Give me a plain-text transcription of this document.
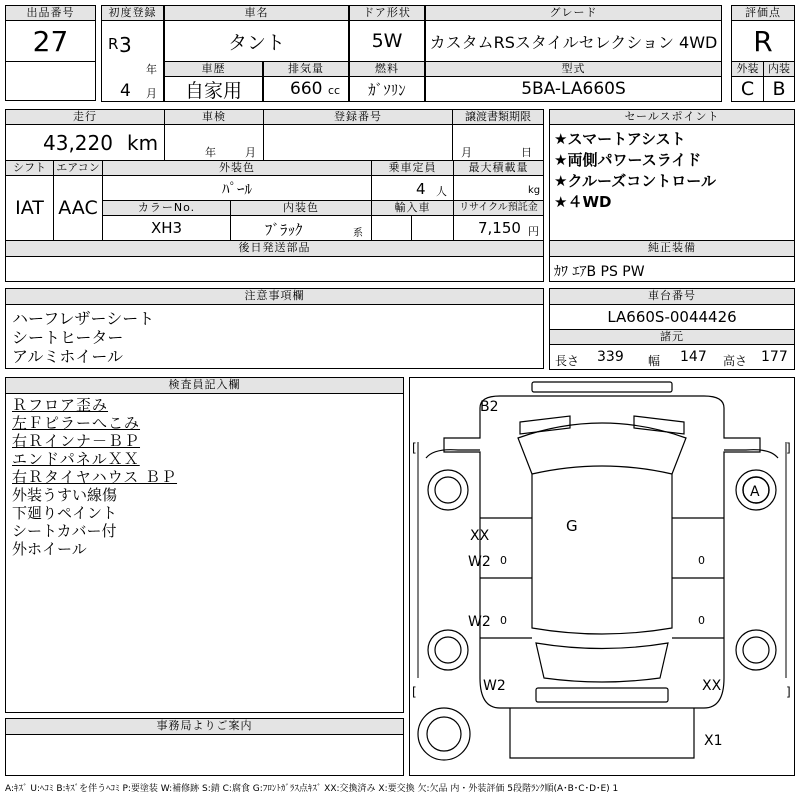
出品番号	初度登録	車名	ドア形状	グレード	評価点
27	R 3
年
4 月
タント	5W	カスタムRSスタイルセレクション 4WD	R
車歴	排気量	燃料	型式	外装 内装
自家用	660 cc	ｶﾞｿﾘﾝ	5BA-LA660S	C B
走行	車検	登録番号	譲渡書類期限	セールスポイント
43,220 km	年	月	月	日
★スマートアシスト
★両側パワースライド
★クルーズコントロール
★４WD
シフト エアコン	外装色	乗車定員	最大積載量
IAT AAC
ﾊﾟｰﾙ	4 人	kg
カラーNo.	内装色	輸入車	リサイクル預託金
XH3	ﾌﾞﾗｯｸ	系	7,150 円
後日発送部品	純正装備
ｶﾜ ｴｱB PS PW
注意事項欄
ハーフレザーシート
シートヒーター
アルミホイール
車台番号
LA660S-0044426
諸元
長さ 339 幅 147 高さ 177
検査員記入欄
Ｒフロア歪み
左Ｆピラーへこみ
右Ｒインナ－ＢＰ
エンドパネルＸＸ
右Ｒタイヤハウス ＢＰ
外装うすい線傷
下廻りペイント
シートカバー付
外ホイール
事務局よりご案内
B2
A
G
XX
W2
W2
W2	XX
X1
0	0
0	0
[	]
[	]
A:ｷｽﾞ U:ﾍｺﾐ B:ｷｽﾞを伴うﾍｺﾐ P:要塗装 W:補修跡 S:錆 C:腐食 G:ﾌﾛﾝﾄｶﾞﾗｽ点ｷｽﾞ XX:交換済み X:要交換 欠:欠品 内・外装評価 5段階ﾗﾝｸ順(A･B･C･D･E) 1
